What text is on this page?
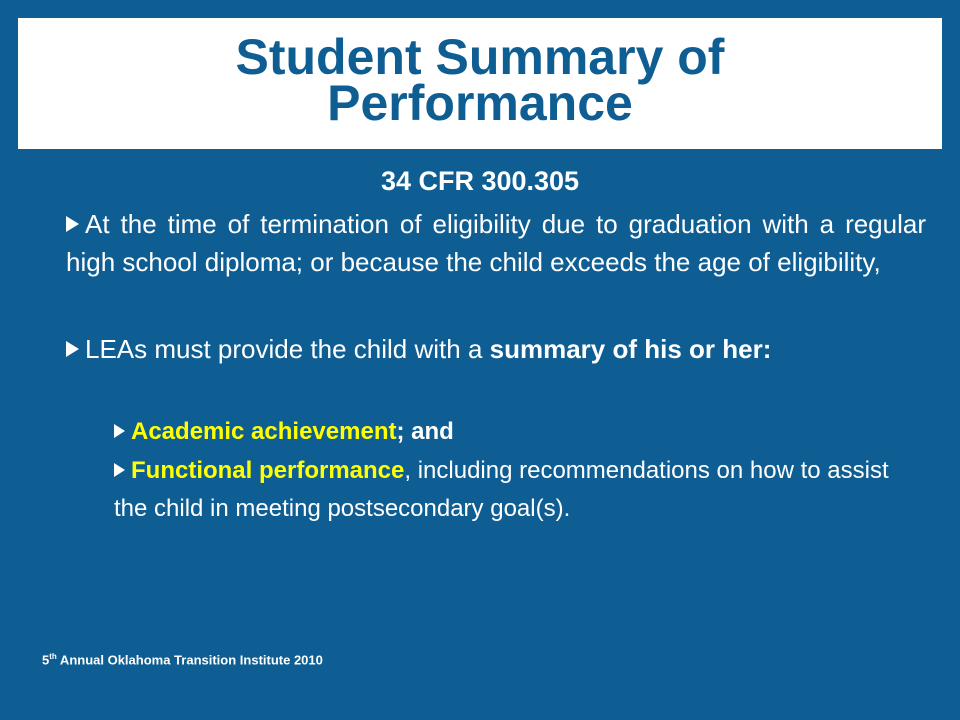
Student Summary of
Performance
34 CFR 300.305
At the time of termination of eligibility due to graduation with a regular high school diploma; or because the child exceeds the age of eligibility,
LEAs must provide the child with a summary of his or her:
Academic achievement; and
Functional performance, including recommendations on how to assist the child in meeting postsecondary goal(s).
5th Annual Oklahoma Transition Institute 2010
